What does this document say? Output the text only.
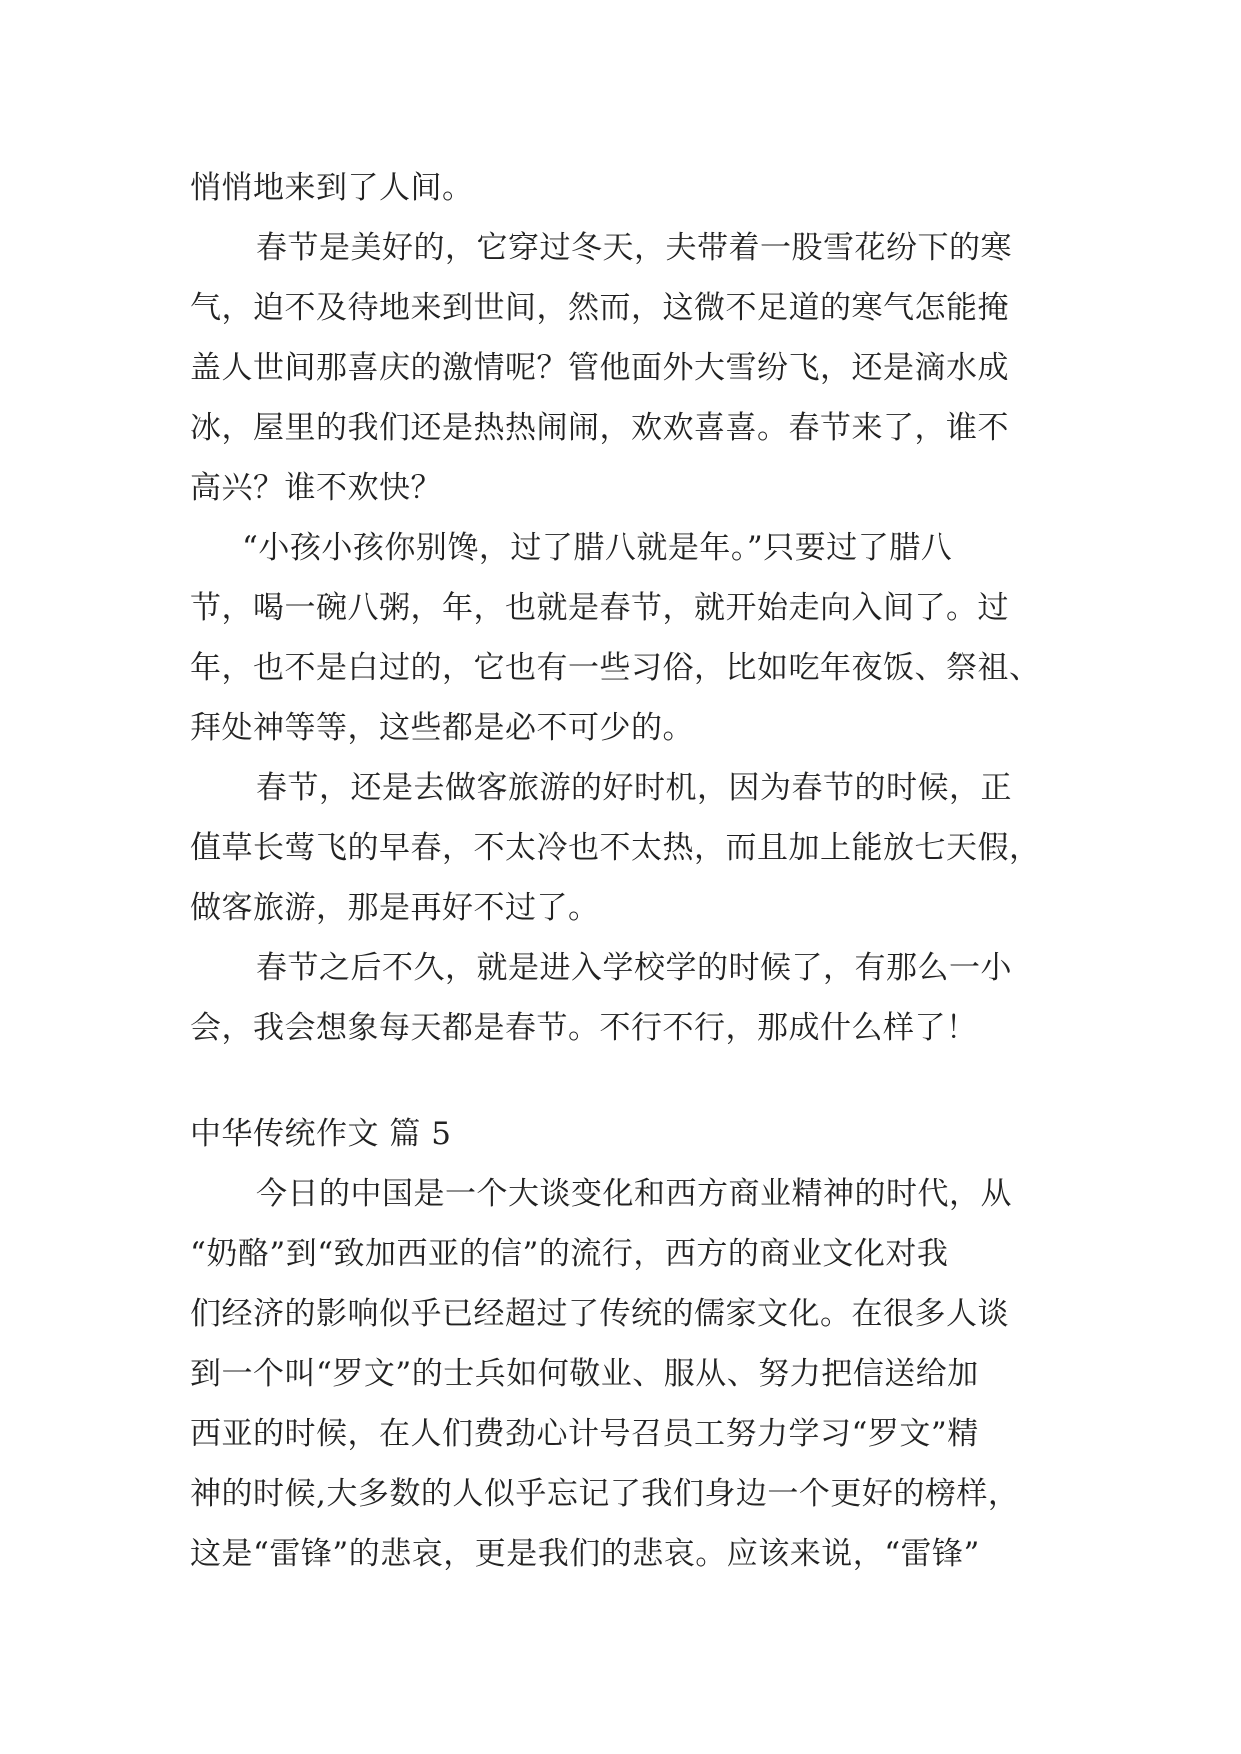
悄悄地来到了人间。
春节是美好的，它穿过冬天，夫带着一股雪花纷下的寒
气，迫不及待地来到世间，然而，这微不足道的寒气怎能掩
盖人世间那喜庆的激情呢？管他面外大雪纷飞，还是滴水成
冰，屋里的我们还是热热闹闹，欢欢喜喜。春节来了，谁不
高兴？谁不欢快？
“小孩小孩你别馋，过了腊八就是年。”只要过了腊八
节，喝一碗八粥，年，也就是春节，就开始走向入间了。过
年，也不是白过的，它也有一些习俗，比如吃年夜饭、祭祖、
拜处神等等，这些都是必不可少的。
春节，还是去做客旅游的好时机，因为春节的时候，正
值草长莺飞的早春，不太冷也不太热，而且加上能放七天假，
做客旅游，那是再好不过了。
春节之后不久，就是进入学校学的时候了，有那么一小
会，我会想象每天都是春节。不行不行，那成什么样了！
中华传统作文 篇 5
今日的中国是一个大谈变化和西方商业精神的时代，从
“奶酪”到“致加西亚的信”的流行，西方的商业文化对我
们经济的影响似乎已经超过了传统的儒家文化。在很多人谈
到一个叫“罗文”的士兵如何敬业、服从、努力把信送给加
西亚的时候，在人们费劲心计号召员工努力学习“罗文”精
神的时候,大多数的人似乎忘记了我们身边一个更好的榜样，
这是“雷锋”的悲哀，更是我们的悲哀。应该来说，“雷锋”
